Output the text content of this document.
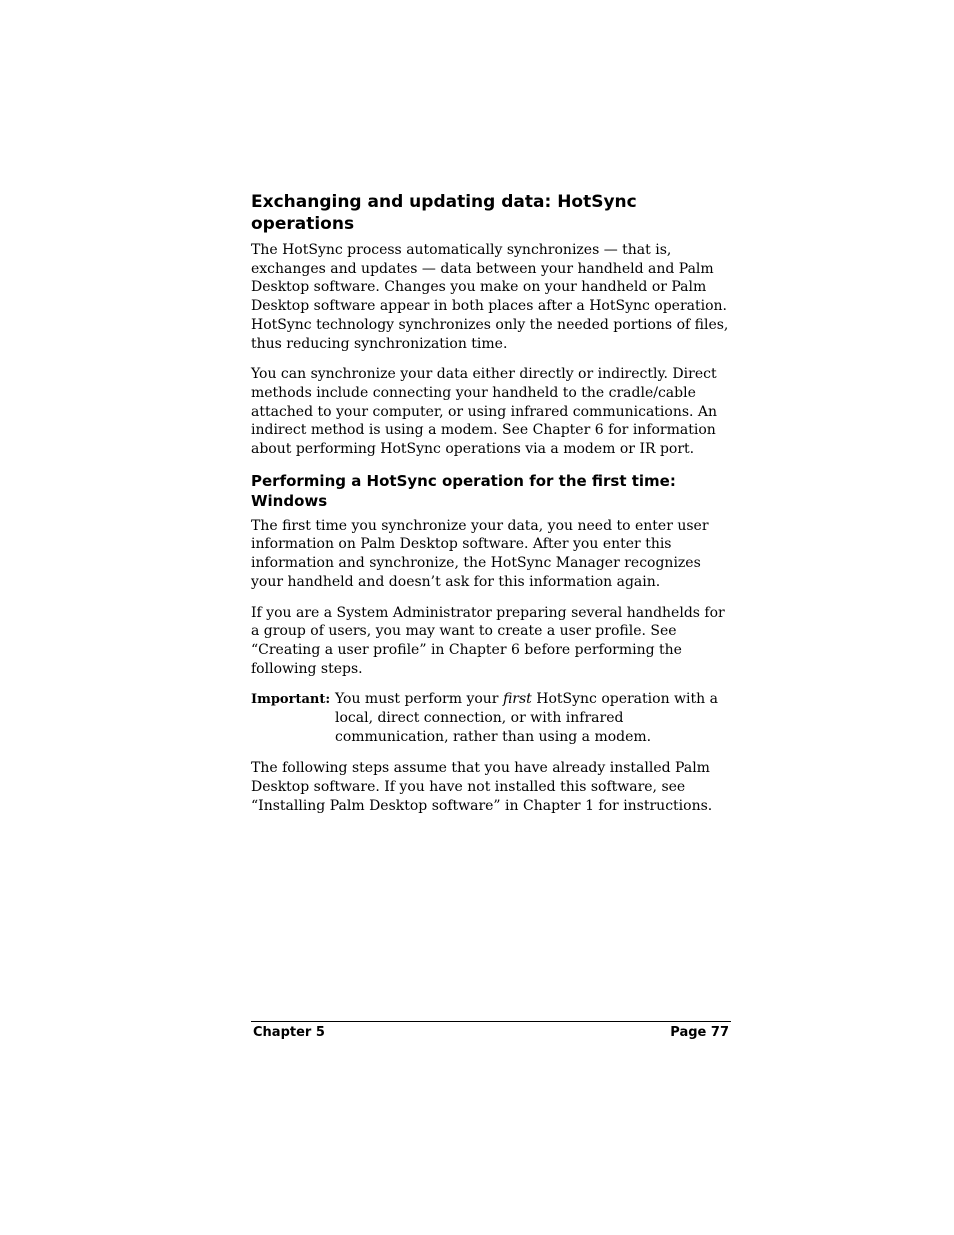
Exchanging and updating data: HotSync operations

The HotSync process automatically synchronizes — that is, exchanges and updates — data between your handheld and Palm Desktop software. Changes you make on your handheld or Palm Desktop software appear in both places after a HotSync operation. HotSync technology synchronizes only the needed portions of files, thus reducing synchronization time.

You can synchronize your data either directly or indirectly. Direct methods include connecting your handheld to the cradle/cable attached to your computer, or using infrared communications. An indirect method is using a modem. See Chapter 6 for information about performing HotSync operations via a modem or IR port.

Performing a HotSync operation for the first time: Windows

The first time you synchronize your data, you need to enter user information on Palm Desktop software. After you enter this information and synchronize, the HotSync Manager recognizes your handheld and doesn’t ask for this information again.

If you are a System Administrator preparing several handhelds for a group of users, you may want to create a user profile. See “Creating a user profile” in Chapter 6 before performing the following steps.

Important: You must perform your first HotSync operation with a local, direct connection, or with infrared communication, rather than using a modem.

The following steps assume that you have already installed Palm Desktop software. If you have not installed this software, see “Installing Palm Desktop software” in Chapter 1 for instructions.

Chapter 5	Page 77
